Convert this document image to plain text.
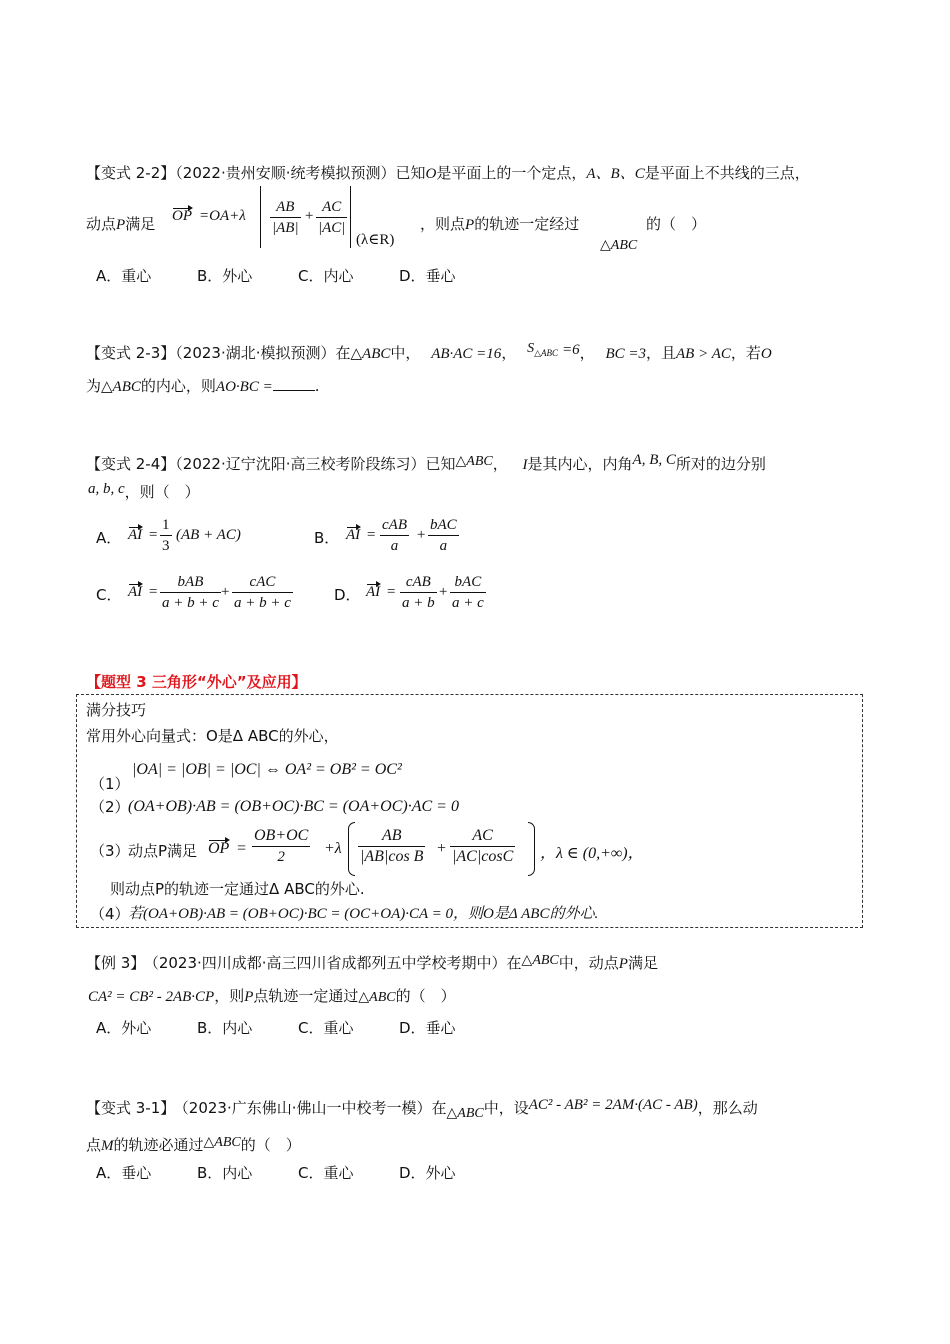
【变式 2-2】（2022·贵州安顺·统考模拟预测）已知O是平面上的一个定点，A、B、C是平面上不共线的三点，
动点P满足 OP $=OA+\lambda \frac{AB}{|AB|} + \frac{AC}{|AC|}$
(λ∈R)
，则点P的轨迹一定经过
△ABC
的（　）
A．重心	B．外心	C．内心	D．垂心
【变式 2-3】（2023·湖北·模拟预测）在△ABC中， AB·AC =16， S△ABC =6， BC =3，且AB > AC，若O
为△ABC的内心，则AO·BC =	.
【变式 2-4】（2022·辽宁沈阳·高三校考阶段练习）已知△ABC， I是其内心，内角A, B, C所对的边分别
a, b, c，则（　）
A． AI = $\frac{1}{3} (AB + AC)$	B． AI =
cAB
a
+
bAC
a
C． AI =
bAB
a + b + c
+
cAC
a + b + c	D． AI =
cAB
a + b
+
bAC
a + c
【题型 3 三角形“外心”及应用】
满分技巧
常用外心向量式：O是Δ ABC的外心，
（1）
|OA| = |OB| = |OC| ⇔ OA² = OB² = OC²
（2）
(OA+OB)·AB = (OB+OC)·BC = (OA+OC)·AC = 0
（3）
动点P满足 OP = $\frac{OB+OC}{2} +\lambda \frac{AB}{\text{|AB|cos B}} + \frac{AC}{|AC|\cos C}$ ，λ ∈ (0,+∞)，
则动点P的轨迹一定通过Δ ABC的外心.
（4）
若(OA+OB)·AB = (OB+OC)·BC = (OC+OA)·CA = 0，则O是Δ ABC的外心.
【例 3】 （2023·四川成都·高三四川省成都列五中学校考期中）在△ABC中，动点P满足
CA² = CB² - 2AB·CP，则P点轨迹一定通过△ABC的（　）
A．外心	B．内心	C．重心	D．垂心
【变式 3-1】 （2023·广东佛山·佛山一中校考一模）在△ABC中，设AC² - AB² = 2AM·(AC - AB)，那么动
点M的轨迹必通过△ABC的（　）
A．垂心	B．内心	C．重心	D．外心
